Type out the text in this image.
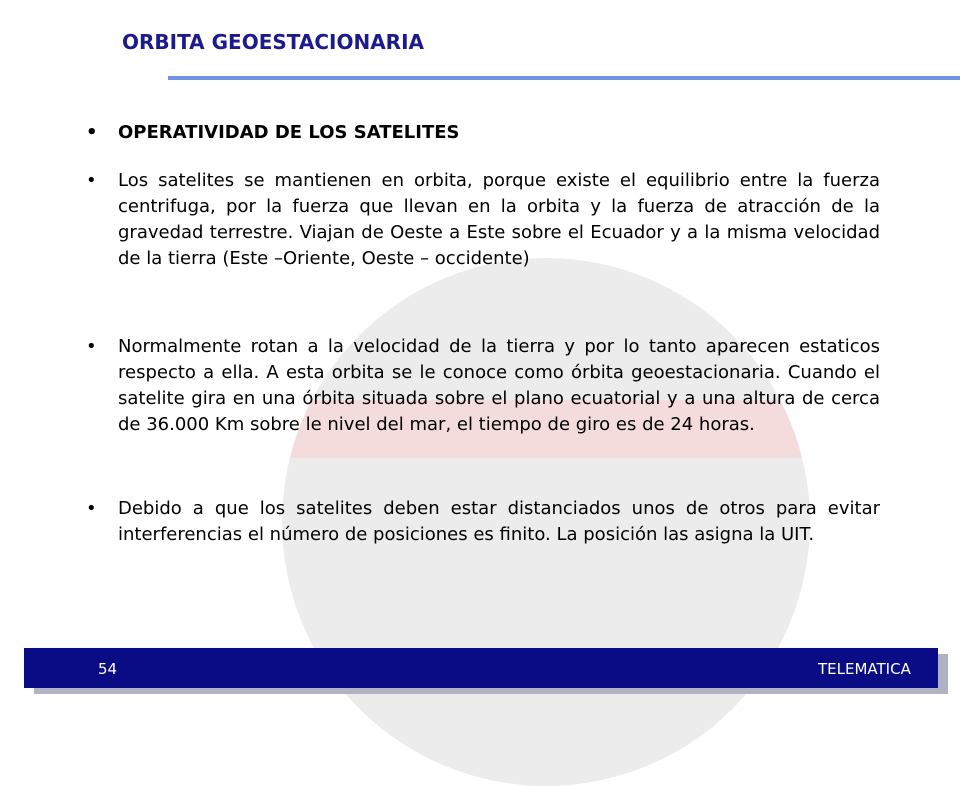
ORBITA GEOESTACIONARIA
• OPERATIVIDAD DE LOS SATELITES
• Los satelites se mantienen en orbita, porque existe el equilibrio entre la fuerza centrifuga, por la fuerza que llevan en la orbita y la fuerza de atracción de la gravedad terrestre. Viajan de Oeste a Este sobre el Ecuador y a la misma velocidad de la tierra (Este –Oriente, Oeste – occidente)
• Normalmente rotan a la velocidad de la tierra y por lo tanto aparecen estaticos respecto a ella. A esta orbita se le conoce como órbita geoestacionaria. Cuando el satelite gira en una órbita situada sobre el plano ecuatorial y a una altura de cerca de 36.000 Km sobre le nivel del mar, el tiempo de giro es de 24 horas.
• Debido a que los satelites deben estar distanciados unos de otros para evitar interferencias el número de posiciones es finito. La posición las asigna la UIT.
54	TELEMATICA
